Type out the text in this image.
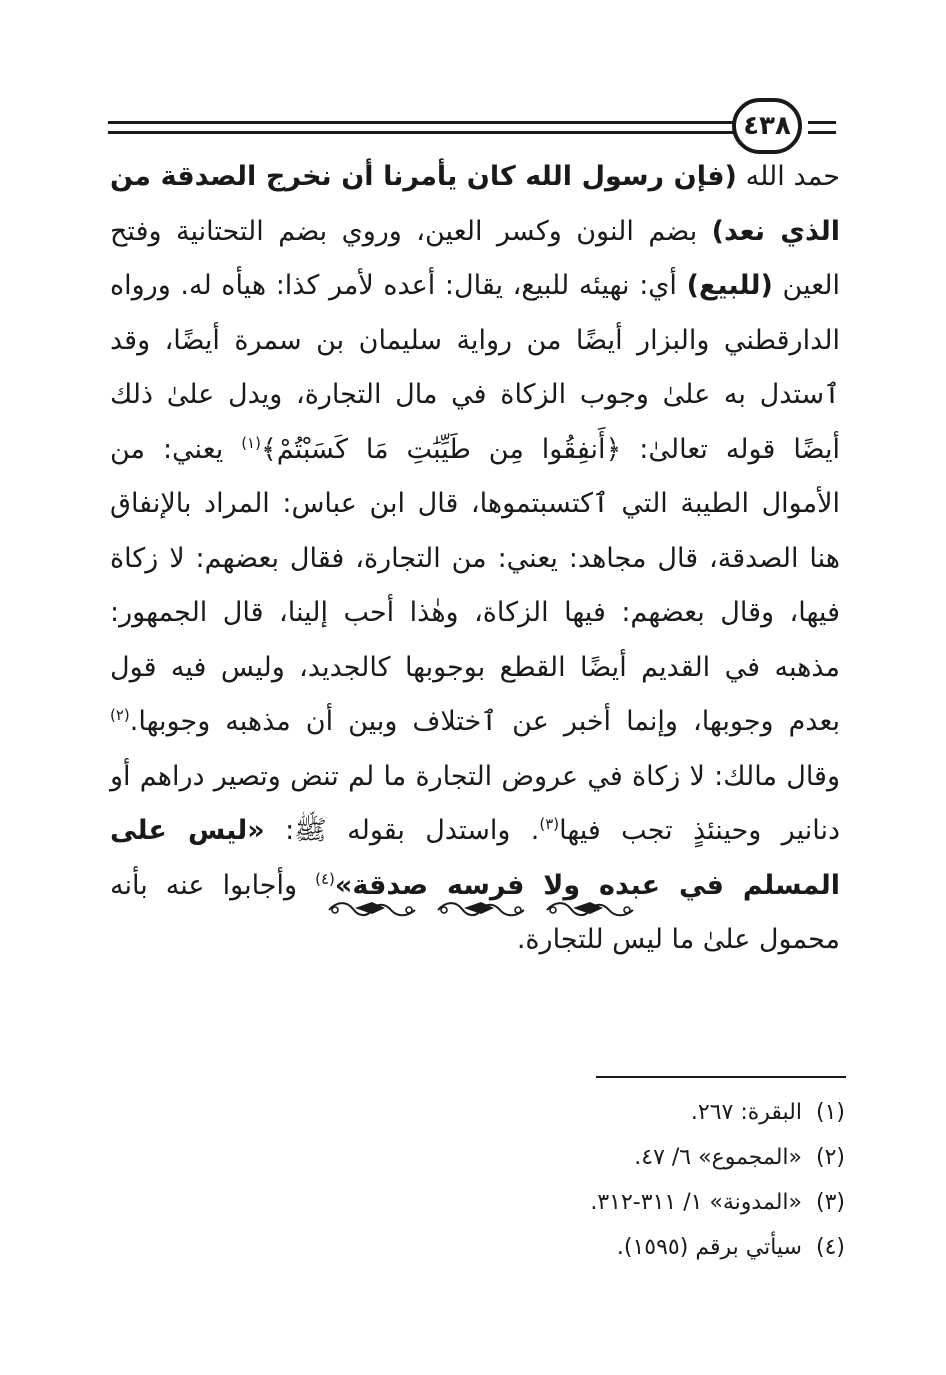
٤٣٨
حمد الله (فإن رسول الله كان يأمرنا أن نخرج الصدقة من الذي نعد) بضم النون وكسر العين، وروي بضم التحتانية وفتح العين (للبيع) أي: نهيئه للبيع، يقال: أعده لأمر كذا: هيأه له. ورواه الدارقطني والبزار أيضًا من رواية سليمان بن سمرة أيضًا، وقد ٱستدل به علىٰ وجوب الزكاة في مال التجارة، ويدل علىٰ ذلك أيضًا قوله تعالىٰ: ﴿أَنفِقُوا مِن طَيِّبَٰتِ مَا كَسَبْتُمْ﴾$^{(١)}$ يعني: من الأموال الطيبة التي ٱكتسبتموها، قال ابن عباس: المراد بالإنفاق هنا الصدقة، قال مجاهد: يعني: من التجارة، فقال بعضهم: لا زكاة فيها، وقال بعضهم: فيها الزكاة، وهٰذا أحب إلينا، قال الجمهور: مذهبه في القديم أيضًا القطع بوجوبها كالجديد، وليس فيه قول بعدم وجوبها، وإنما أخبر عن ٱختلاف وبين أن مذهبه وجوبها.$^{(٢)}$ وقال مالك: لا زكاة في عروض التجارة ما لم تنض وتصير دراهم أو دنانير وحينئذٍ تجب فيها$^{(٣)}$. واستدل بقوله ﷺ: «ليس على المسلم في عبده ولا فرسه صدقة»$^{(٤)}$ وأجابوا عنه بأنه محمول علىٰ ما ليس للتجارة.
(١)البقرة: ٢٦٧.
(٢)«المجموع» ٦/ ٤٧.
(٣)«المدونة» ١/ ٣١١-٣١٢.
(٤)سيأتي برقم (١٥٩٥).
